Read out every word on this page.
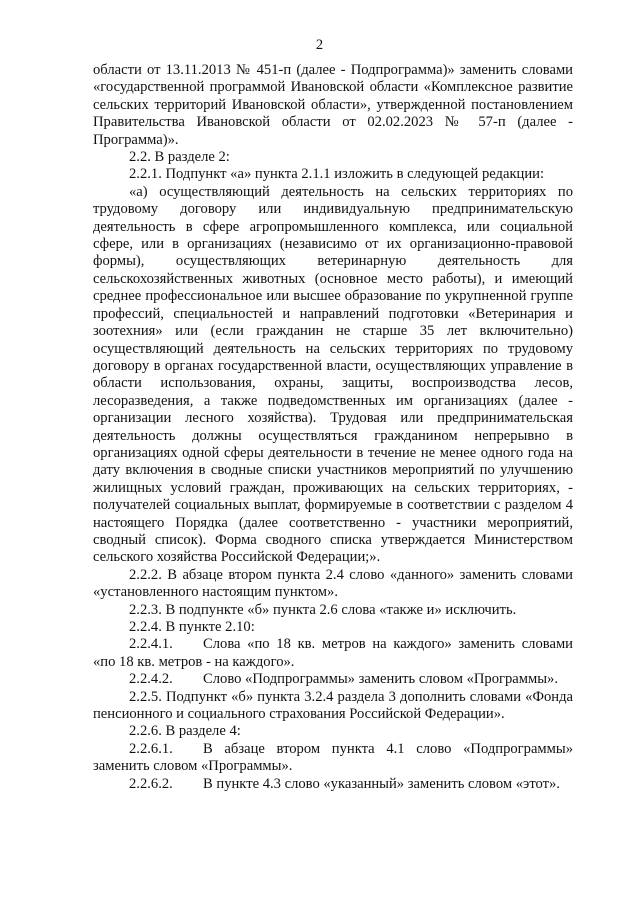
2

области от 13.11.2013 № 451-п (далее - Подпрограмма)» заменить словами «государственной программой Ивановской области «Комплексное развитие сельских территорий Ивановской области», утвержденной постановлением Правительства Ивановской области от 02.02.2023 № 57-п (далее - Программа)».

2.2. В разделе 2:

2.2.1. Подпункт «а» пункта 2.1.1 изложить в следующей редакции:

«а) осуществляющий деятельность на сельских территориях по трудовому договору или индивидуальную предпринимательскую деятельность в сфере агропромышленного комплекса, или социальной сфере, или в организациях (независимо от их организационно-правовой формы), осуществляющих ветеринарную деятельность для сельскохозяйственных животных (основное место работы), и имеющий среднее профессиональное или высшее образование по укрупненной группе профессий, специальностей и направлений подготовки «Ветеринария и зоотехния» или (если гражданин не старше 35 лет включительно) осуществляющий деятельность на сельских территориях по трудовому договору в органах государственной власти, осуществляющих управление в области использования, охраны, защиты, воспроизводства лесов, лесоразведения, а также подведомственных им организациях (далее - организации лесного хозяйства). Трудовая или предпринимательская деятельность должны осуществляться гражданином непрерывно в организациях одной сферы деятельности в течение не менее одного года на дату включения в сводные списки участников мероприятий по улучшению жилищных условий граждан, проживающих на сельских территориях, - получателей социальных выплат, формируемые в соответствии с разделом 4 настоящего Порядка (далее соответственно - участники мероприятий, сводный список). Форма сводного списка утверждается Министерством сельского хозяйства Российской Федерации;».

2.2.2. В абзаце втором пункта 2.4 слово «данного» заменить словами «установленного настоящим пунктом».

2.2.3. В подпункте «б» пункта 2.6 слова «также и» исключить.

2.2.4. В пункте 2.10:

2.2.4.1. Слова «по 18 кв. метров на каждого» заменить словами «по 18 кв. метров - на каждого».

2.2.4.2. Слово «Подпрограммы» заменить словом «Программы».

2.2.5. Подпункт «б» пункта 3.2.4 раздела 3 дополнить словами «Фонда пенсионного и социального страхования Российской Федерации».

2.2.6. В разделе 4:

2.2.6.1. В абзаце втором пункта 4.1 слово «Подпрограммы» заменить словом «Программы».

2.2.6.2. В пункте 4.3 слово «указанный» заменить словом «этот».
